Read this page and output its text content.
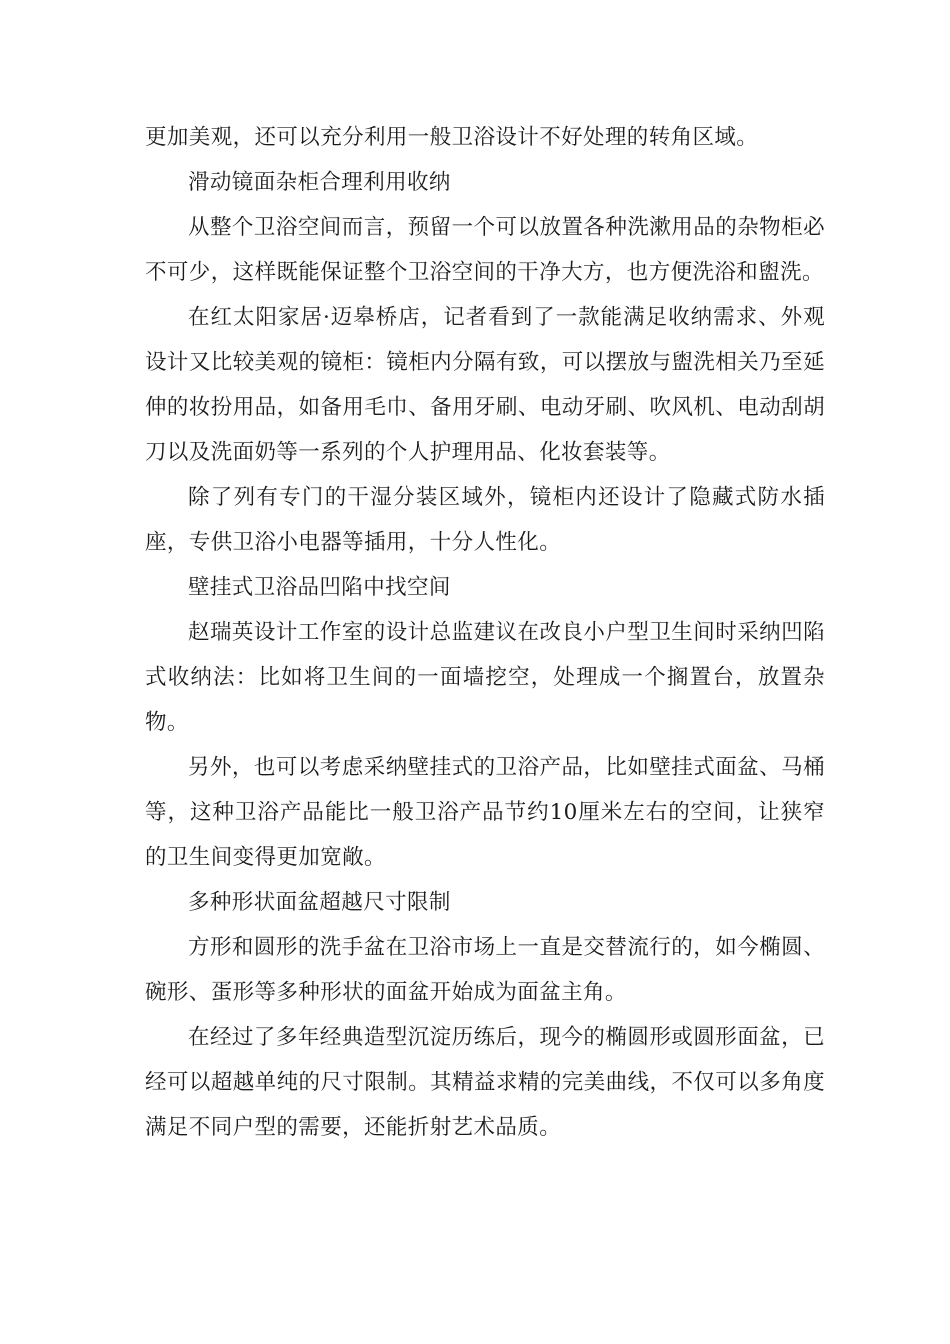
更加美观，还可以充分利用一般卫浴设计不好处理的转角区域。

滑动镜面杂柜合理利用收纳

从整个卫浴空间而言，预留一个可以放置各种洗漱用品的杂物柜必不可少，这样既能保证整个卫浴空间的干净大方，也方便洗浴和盥洗。

在红太阳家居·迈皋桥店，记者看到了一款能满足收纳需求、外观设计又比较美观的镜柜：镜柜内分隔有致，可以摆放与盥洗相关乃至延伸的妆扮用品，如备用毛巾、备用牙刷、电动牙刷、吹风机、电动刮胡刀以及洗面奶等一系列的个人护理用品、化妆套装等。

除了列有专门的干湿分装区域外，镜柜内还设计了隐藏式防水插座，专供卫浴小电器等插用，十分人性化。

壁挂式卫浴品凹陷中找空间

赵瑞英设计工作室的设计总监建议在改良小户型卫生间时采纳凹陷式收纳法：比如将卫生间的一面墙挖空，处理成一个搁置台，放置杂物。

另外，也可以考虑采纳壁挂式的卫浴产品，比如壁挂式面盆、马桶等，这种卫浴产品能比一般卫浴产品节约10厘米左右的空间，让狭窄的卫生间变得更加宽敞。

多种形状面盆超越尺寸限制

方形和圆形的洗手盆在卫浴市场上一直是交替流行的，如今椭圆、碗形、蛋形等多种形状的面盆开始成为面盆主角。

在经过了多年经典造型沉淀历练后，现今的椭圆形或圆形面盆，已经可以超越单纯的尺寸限制。其精益求精的完美曲线，不仅可以多角度满足不同户型的需要，还能折射艺术品质。
